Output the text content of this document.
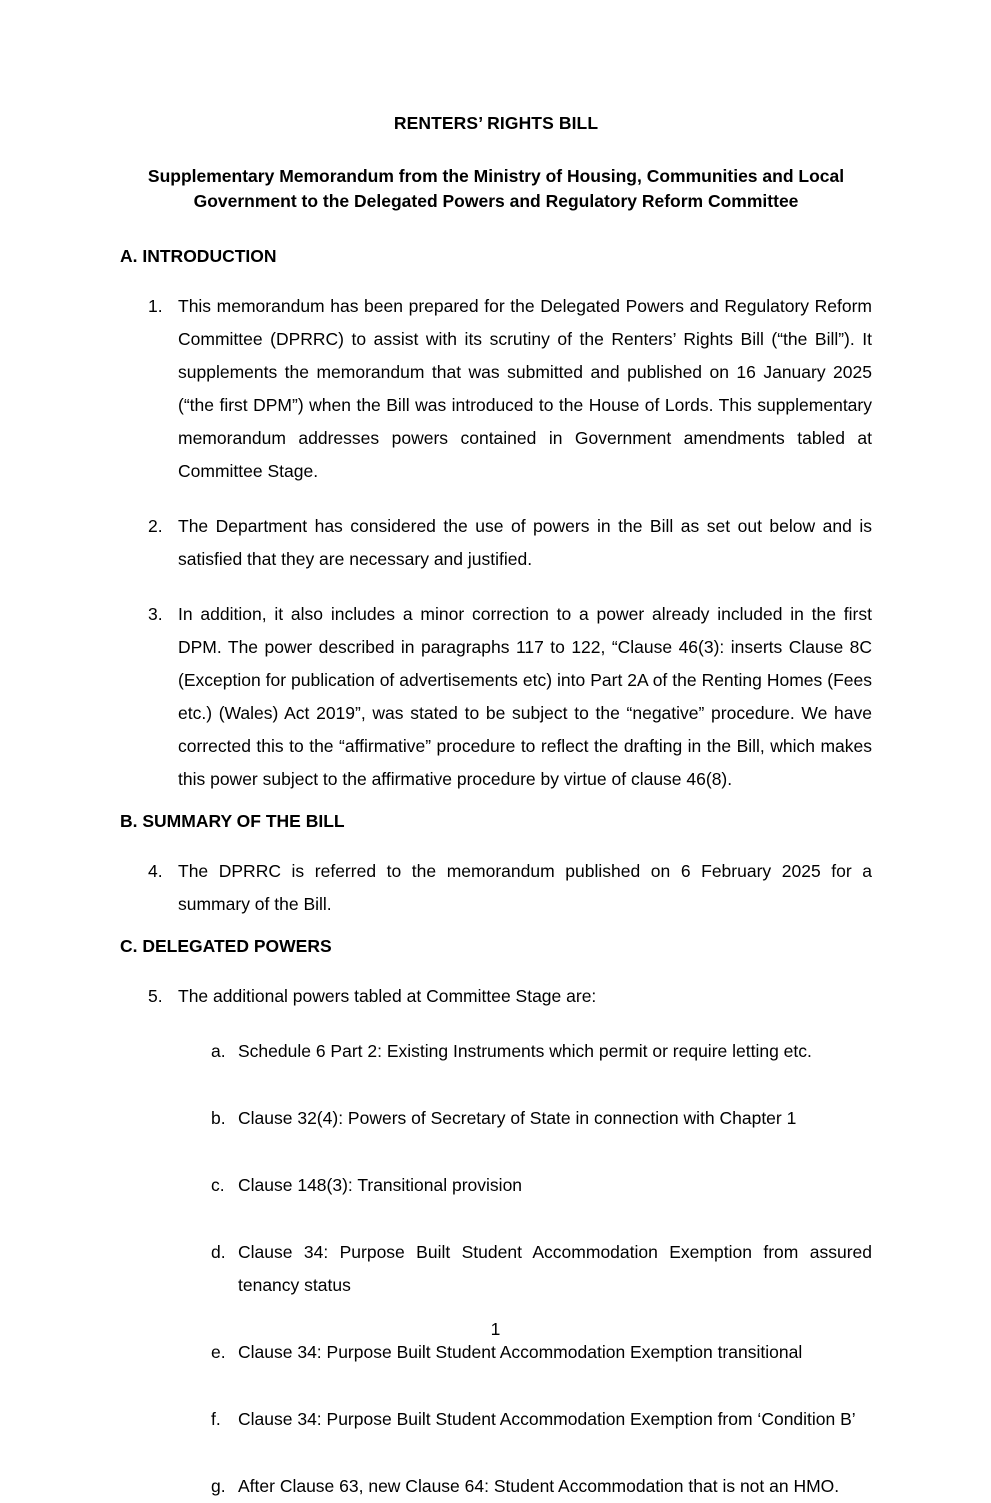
RENTERS’ RIGHTS BILL
Supplementary Memorandum from the Ministry of Housing, Communities and Local Government to the Delegated Powers and Regulatory Reform Committee
A. INTRODUCTION
1. This memorandum has been prepared for the Delegated Powers and Regulatory Reform Committee (DPRRC) to assist with its scrutiny of the Renters’ Rights Bill (“the Bill”). It supplements the memorandum that was submitted and published on 16 January 2025 (“the first DPM”) when the Bill was introduced to the House of Lords. This supplementary memorandum addresses powers contained in Government amendments tabled at Committee Stage.
2. The Department has considered the use of powers in the Bill as set out below and is satisfied that they are necessary and justified.
3. In addition, it also includes a minor correction to a power already included in the first DPM. The power described in paragraphs 117 to 122, “Clause 46(3): inserts Clause 8C (Exception for publication of advertisements etc) into Part 2A of the Renting Homes (Fees etc.) (Wales) Act 2019”, was stated to be subject to the “negative” procedure. We have corrected this to the “affirmative” procedure to reflect the drafting in the Bill, which makes this power subject to the affirmative procedure by virtue of clause 46(8).
B. SUMMARY OF THE BILL
4. The DPRRC is referred to the memorandum published on 6 February 2025 for a summary of the Bill.
C. DELEGATED POWERS
5. The additional powers tabled at Committee Stage are:
a. Schedule 6 Part 2: Existing Instruments which permit or require letting etc.
b. Clause 32(4): Powers of Secretary of State in connection with Chapter 1
c. Clause 148(3): Transitional provision
d. Clause 34: Purpose Built Student Accommodation Exemption from assured tenancy status
e. Clause 34: Purpose Built Student Accommodation Exemption transitional
f. Clause 34: Purpose Built Student Accommodation Exemption from ‘Condition B’
g. After Clause 63, new Clause 64: Student Accommodation that is not an HMO.
1
